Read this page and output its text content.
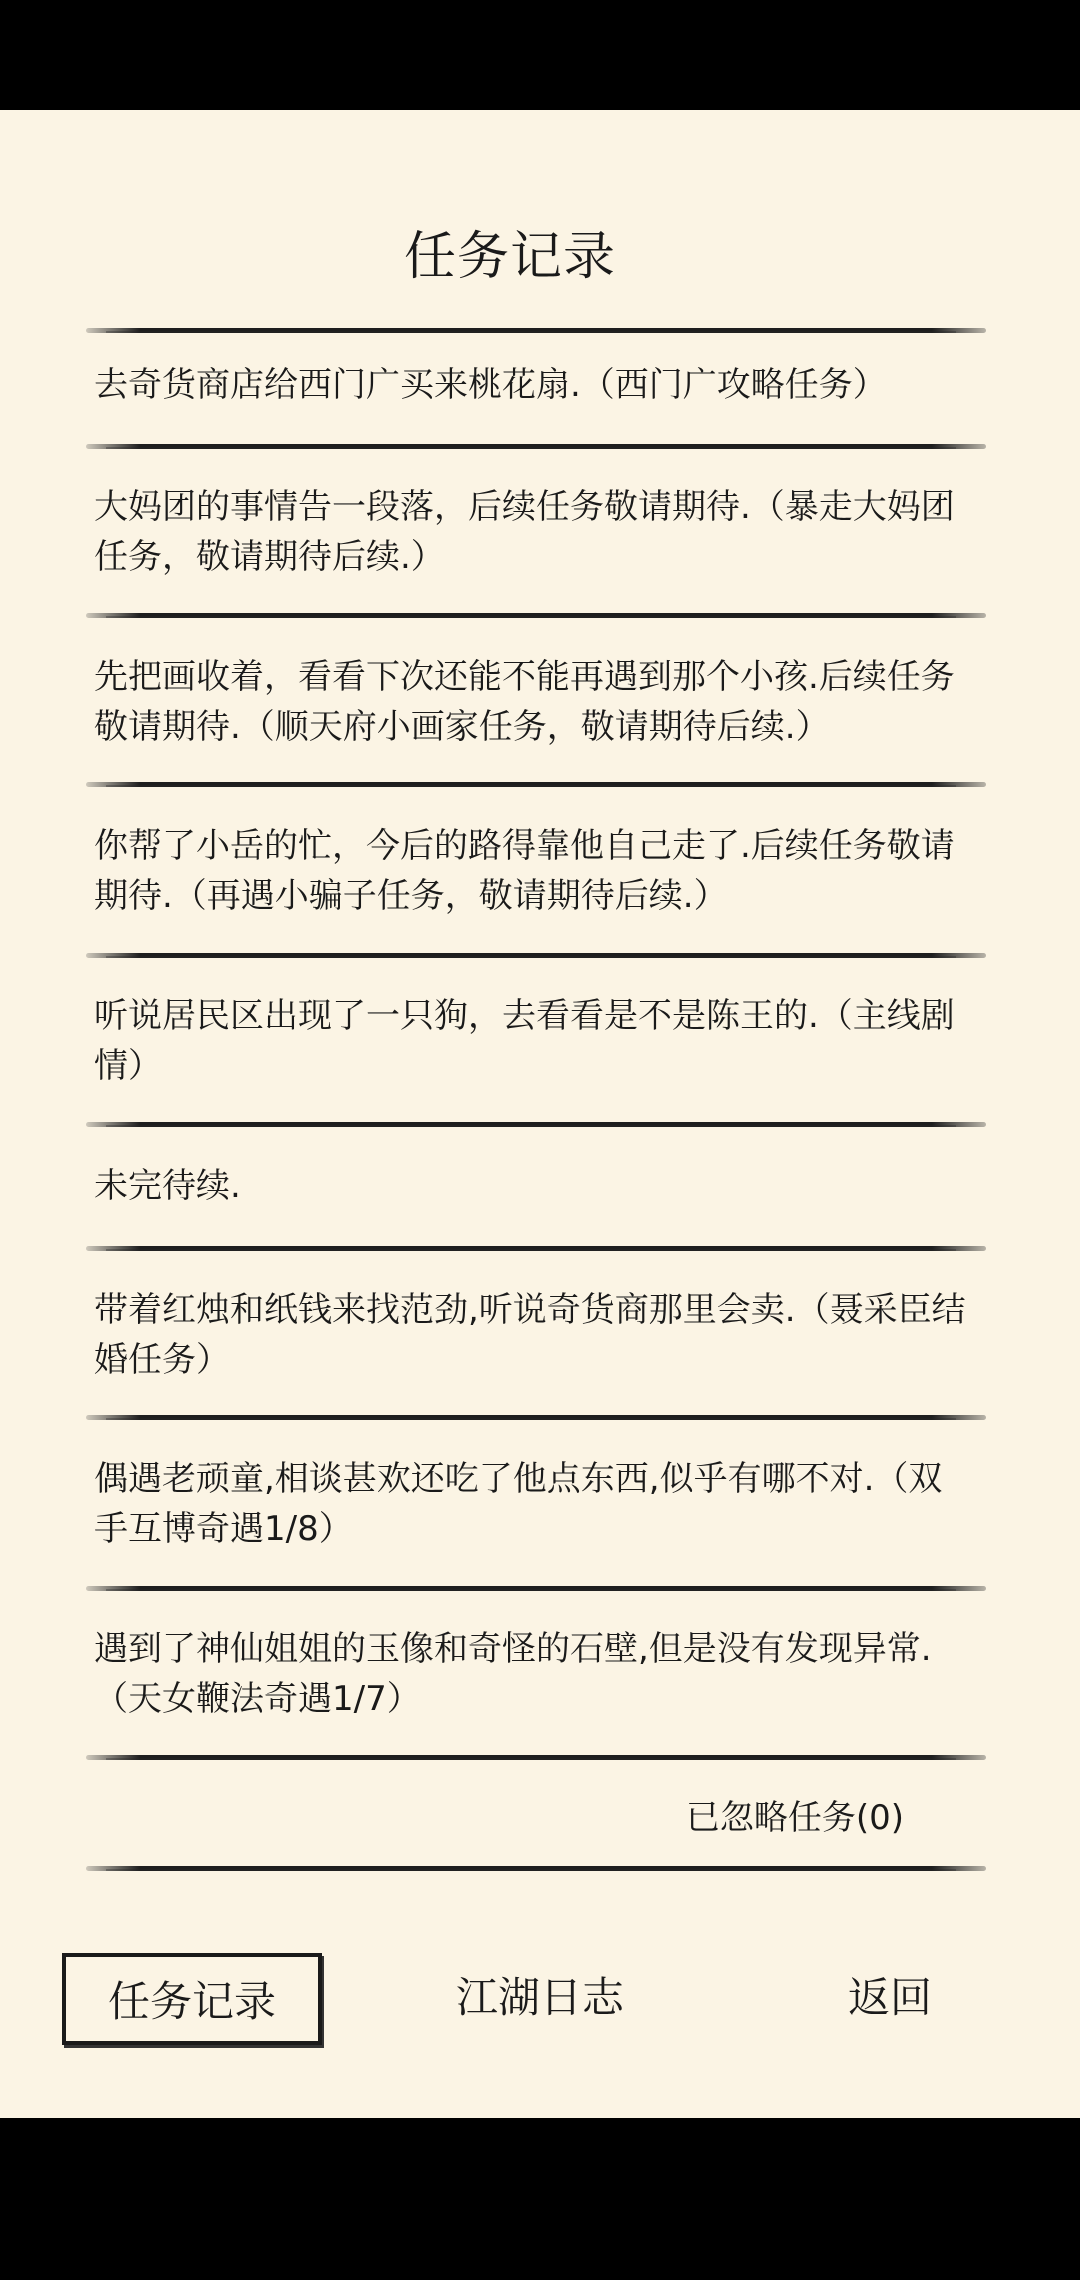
任务记录
去奇货商店给西门广买来桃花扇.（西门广攻略任务）
大妈团的事情告一段落，后续任务敬请期待.（暴走大妈团任务，敬请期待后续.）
先把画收着，看看下次还能不能再遇到那个小孩.后续任务敬请期待.（顺天府小画家任务，敬请期待后续.）
你帮了小岳的忙，今后的路得靠他自己走了.后续任务敬请期待.（再遇小骗子任务，敬请期待后续.）
听说居民区出现了一只狗，去看看是不是陈王的.（主线剧情）
未完待续.
带着红烛和纸钱来找范劲,听说奇货商那里会卖.（聂采臣结婚任务）
偶遇老顽童,相谈甚欢还吃了他点东西,似乎有哪不对.（双手互博奇遇1/8）
遇到了神仙姐姐的玉像和奇怪的石壁,但是没有发现异常.（天女鞭法奇遇1/7）
已忽略任务(0)
任务记录	江湖日志	返回
